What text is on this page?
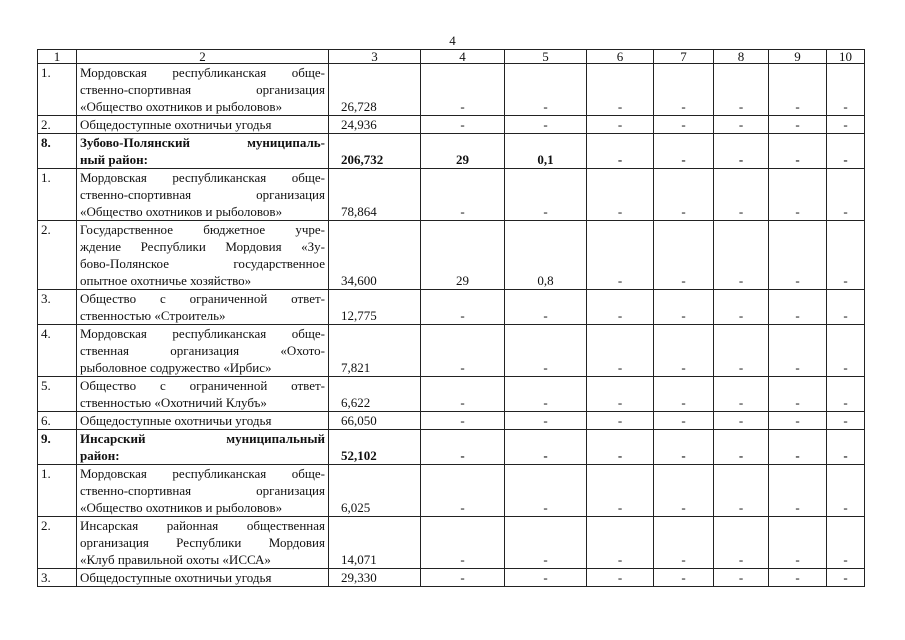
4
1	2	3	4	5	6	7	8	9	10
1.	Мордовская республиканская обще-
ственно-спортивная организация
«Общество охотников и рыболовов»	26,728	-	-	-	-	-	-	-
2.	Общедоступные охотничьи угодья	24,936	-	-	-	-	-	-	-
8.	Зубово-Полянский муниципаль-
ный район:	206,732	29	0,1	-	-	-	-	-
1.	Мордовская республиканская обще-
ственно-спортивная организация
«Общество охотников и рыболовов»	78,864	-	-	-	-	-	-	-
2.	Государственное бюджетное учре-
ждение Республики Мордовия «Зу-
бово-Полянское государственное
опытное охотничье хозяйство»	34,600	29	0,8	-	-	-	-	-
3.	Общество с ограниченной ответ-
ственностью «Строитель»	12,775	-	-	-	-	-	-	-
4.	Мордовская республиканская обще-
ственная организация «Охото-
рыболовное содружество «Ирбис»	7,821	-	-	-	-	-	-	-
5.	Общество с ограниченной ответ-
ственностью «Охотничий Клубъ»	6,622	-	-	-	-	-	-	-
6.	Общедоступные охотничьи угодья	66,050	-	-	-	-	-	-	-
9.	Инсарский муниципальный
район:	52,102	-	-	-	-	-	-	-
1.	Мордовская республиканская обще-
ственно-спортивная организация
«Общество охотников и рыболовов»	6,025	-	-	-	-	-	-	-
2.	Инсарская районная общественная
организация Республики Мордовия
«Клуб правильной охоты «ИССА»	14,071	-	-	-	-	-	-	-
3.	Общедоступные охотничьи угодья	29,330	-	-	-	-	-	-	-
